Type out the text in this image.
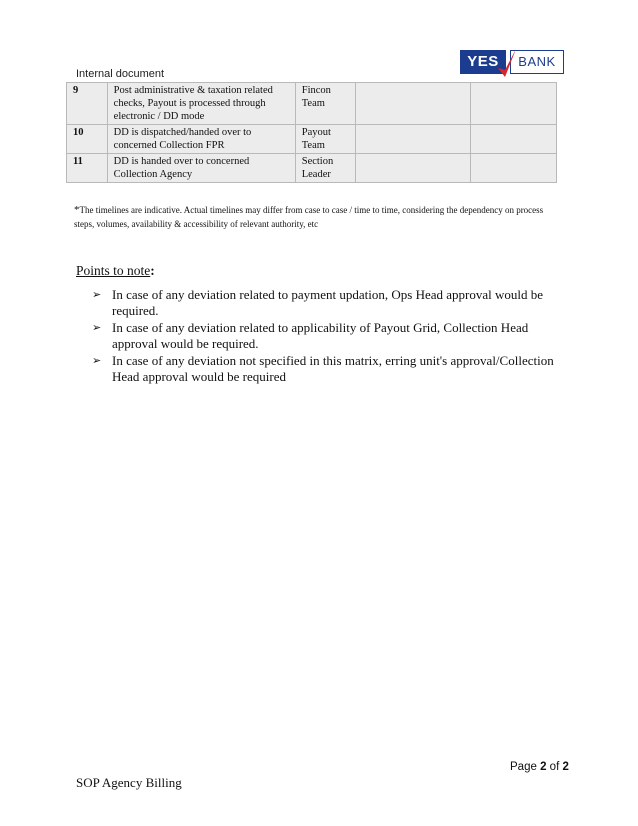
Internal document
YES	BANK
9	Post administrative & taxation related checks, Payout is processed through electronic / DD mode	Fincon Team		
10	DD is dispatched/handed over to concerned Collection FPR	Payout Team		
11	DD is handed over to concerned Collection Agency	Section Leader		
*The timelines are indicative. Actual timelines may differ from case to case / time to time, considering the dependency on process steps, volumes, availability & accessibility of relevant authority, etc
Points to note:
➢ In case of any deviation related to payment updation, Ops Head approval would be required.
➢ In case of any deviation related to applicability of Payout Grid, Collection Head approval would be required.
➢ In case of any deviation not specified in this matrix, erring unit's approval/Collection Head approval would be required
Page 2 of 2
SOP Agency Billing
